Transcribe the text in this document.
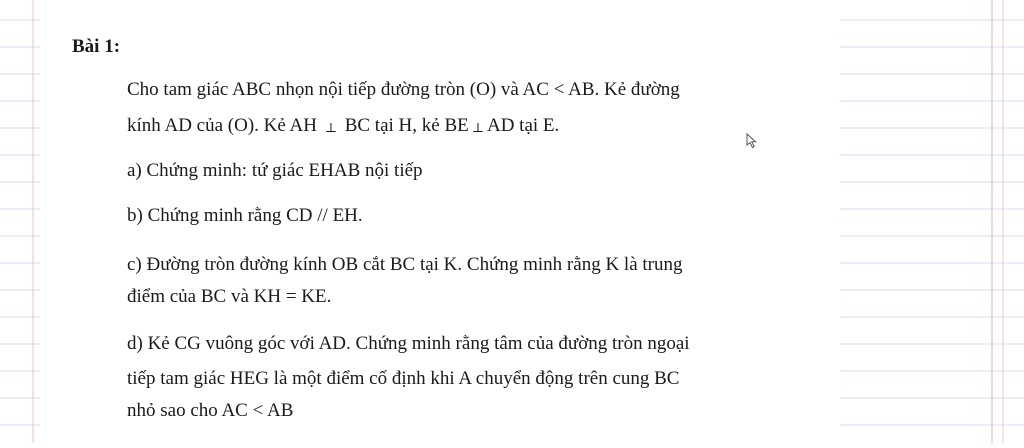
Bài 1:

Cho tam giác ABC nhọn nội tiếp đường tròn (O) và AC < AB. Kẻ đường

kính AD của (O). Kẻ AH ⊥ BC tại H, kẻ BE ⊥ AD tại E.

a) Chứng minh: tứ giác EHAB nội tiếp

b) Chứng minh rằng CD // EH.

c) Đường tròn đường kính OB cắt BC tại K. Chứng minh rằng K là trung

điểm của BC và KH = KE.

d) Kẻ CG vuông góc với AD. Chứng minh rằng tâm của đường tròn ngoại

tiếp tam giác HEG là một điểm cố định khi A chuyển động trên cung BC

nhỏ sao cho AC < AB
